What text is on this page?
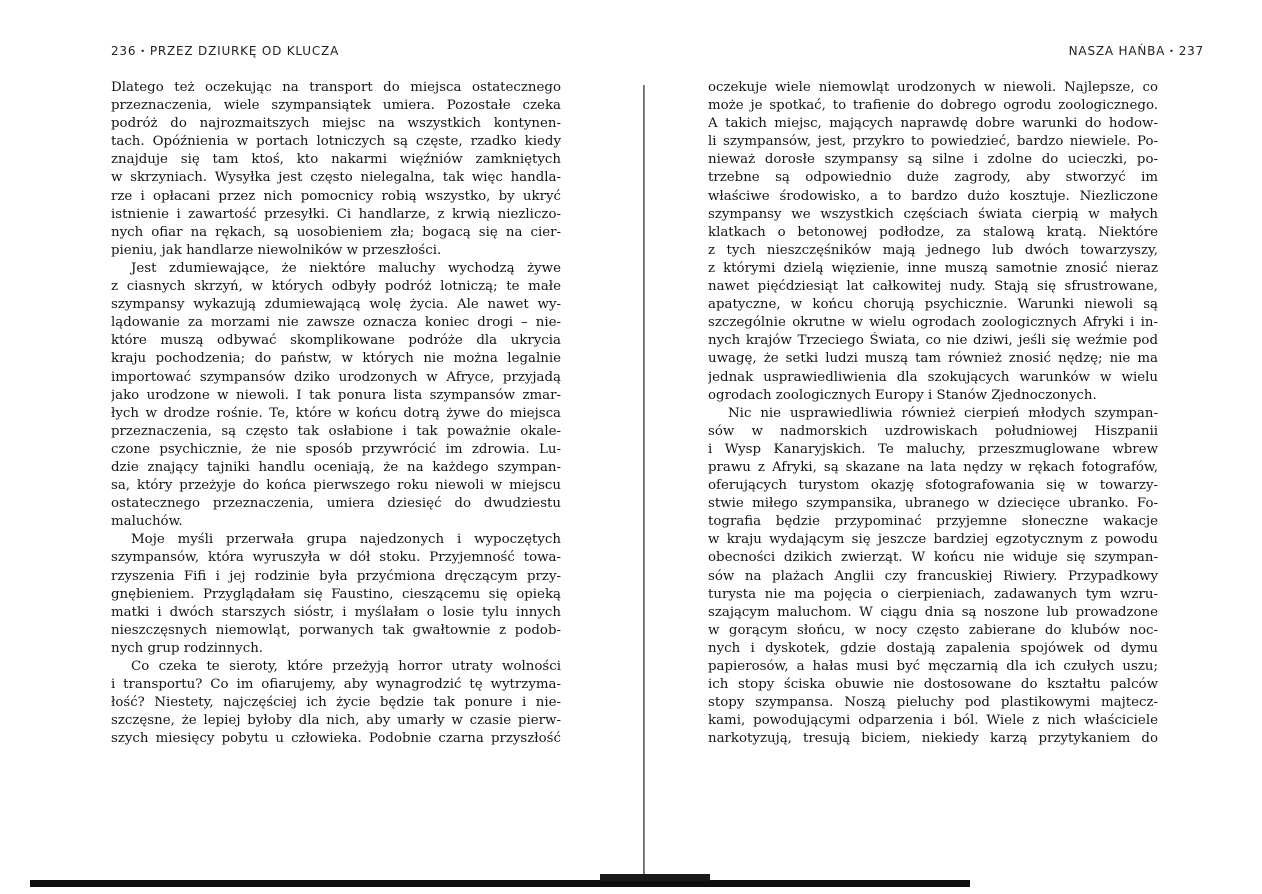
236 • PRZEZ DZIURKĘ OD KLUCZA	NASZA HAŃBA • 237
Dlatego też oczekując na transport do miejsca ostatecznego
przeznaczenia, wiele szympansiątek umiera. Pozostałe czeka
podróż do najrozmaitszych miejsc na wszystkich kontynen-
tach. Opóźnienia w portach lotniczych są częste, rzadko kiedy
znajduje się tam ktoś, kto nakarmi więźniów zamkniętych
w skrzyniach. Wysyłka jest często nielegalna, tak więc handla-
rze i opłacani przez nich pomocnicy robią wszystko, by ukryć
istnienie i zawartość przesyłki. Ci handlarze, z krwią niezliczo-
nych ofiar na rękach, są uosobieniem zła; bogacą się na cier-
pieniu, jak handlarze niewolników w przeszłości.
Jest zdumiewające, że niektóre maluchy wychodzą żywe
z ciasnych skrzyń, w których odbyły podróż lotniczą; te małe
szympansy wykazują zdumiewającą wolę życia. Ale nawet wy-
lądowanie za morzami nie zawsze oznacza koniec drogi – nie-
które muszą odbywać skomplikowane podróże dla ukrycia
kraju pochodzenia; do państw, w których nie można legalnie
importować szympansów dziko urodzonych w Afryce, przyjadą
jako urodzone w niewoli. I tak ponura lista szympansów zmar-
łych w drodze rośnie. Te, które w końcu dotrą żywe do miejsca
przeznaczenia, są często tak osłabione i tak poważnie okale-
czone psychicznie, że nie sposób przywrócić im zdrowia. Lu-
dzie znający tajniki handlu oceniają, że na każdego szympan-
sa, który przeżyje do końca pierwszego roku niewoli w miejscu
ostatecznego przeznaczenia, umiera dziesięć do dwudziestu
maluchów.
Moje myśli przerwała grupa najedzonych i wypoczętych
szympansów, która wyruszyła w dół stoku. Przyjemność towa-
rzyszenia Fifi i jej rodzinie była przyćmiona dręczącym przy-
gnębieniem. Przyglądałam się Faustino, cieszącemu się opieką
matki i dwóch starszych sióstr, i myślałam o losie tylu innych
nieszczęsnych niemowląt, porwanych tak gwałtownie z podob-
nych grup rodzinnych.
Co czeka te sieroty, które przeżyją horror utraty wolności
i transportu? Co im ofiarujemy, aby wynagrodzić tę wytrzyma-
łość? Niestety, najczęściej ich życie będzie tak ponure i nie-
szczęsne, że lepiej byłoby dla nich, aby umarły w czasie pierw-
szych miesięcy pobytu u człowieka. Podobnie czarna przyszłość
oczekuje wiele niemowląt urodzonych w niewoli. Najlepsze, co
może je spotkać, to trafienie do dobrego ogrodu zoologicznego.
A takich miejsc, mających naprawdę dobre warunki do hodow-
li szympansów, jest, przykro to powiedzieć, bardzo niewiele. Po-
nieważ dorosłe szympansy są silne i zdolne do ucieczki, po-
trzebne są odpowiednio duże zagrody, aby stworzyć im
właściwe środowisko, a to bardzo dużo kosztuje. Niezliczone
szympansy we wszystkich częściach świata cierpią w małych
klatkach o betonowej podłodze, za stalową kratą. Niektóre
z tych nieszczęśników mają jednego lub dwóch towarzyszy,
z którymi dzielą więzienie, inne muszą samotnie znosić nieraz
nawet pięćdziesiąt lat całkowitej nudy. Stają się sfrustrowane,
apatyczne, w końcu chorują psychicznie. Warunki niewoli są
szczególnie okrutne w wielu ogrodach zoologicznych Afryki i in-
nych krajów Trzeciego Świata, co nie dziwi, jeśli się weźmie pod
uwagę, że setki ludzi muszą tam również znosić nędzę; nie ma
jednak usprawiedliwienia dla szokujących warunków w wielu
ogrodach zoologicznych Europy i Stanów Zjednoczonych.
Nic nie usprawiedliwia również cierpień młodych szympan-
sów w nadmorskich uzdrowiskach południowej Hiszpanii
i Wysp Kanaryjskich. Te maluchy, przeszmuglowane wbrew
prawu z Afryki, są skazane na lata nędzy w rękach fotografów,
oferujących turystom okazję sfotografowania się w towarzy-
stwie miłego szympansika, ubranego w dziecięce ubranko. Fo-
tografia będzie przypominać przyjemne słoneczne wakacje
w kraju wydającym się jeszcze bardziej egzotycznym z powodu
obecności dzikich zwierząt. W końcu nie widuje się szympan-
sów na plażach Anglii czy francuskiej Riwiery. Przypadkowy
turysta nie ma pojęcia o cierpieniach, zadawanych tym wzru-
szającym maluchom. W ciągu dnia są noszone lub prowadzone
w gorącym słońcu, w nocy często zabierane do klubów noc-
nych i dyskotek, gdzie dostają zapalenia spojówek od dymu
papierosów, a hałas musi być męczarnią dla ich czułych uszu;
ich stopy ściska obuwie nie dostosowane do kształtu palców
stopy szympansa. Noszą pieluchy pod plastikowymi majtecz-
kami, powodującymi odparzenia i ból. Wiele z nich właściciele
narkotyzują, tresują biciem, niekiedy karzą przytykaniem do
